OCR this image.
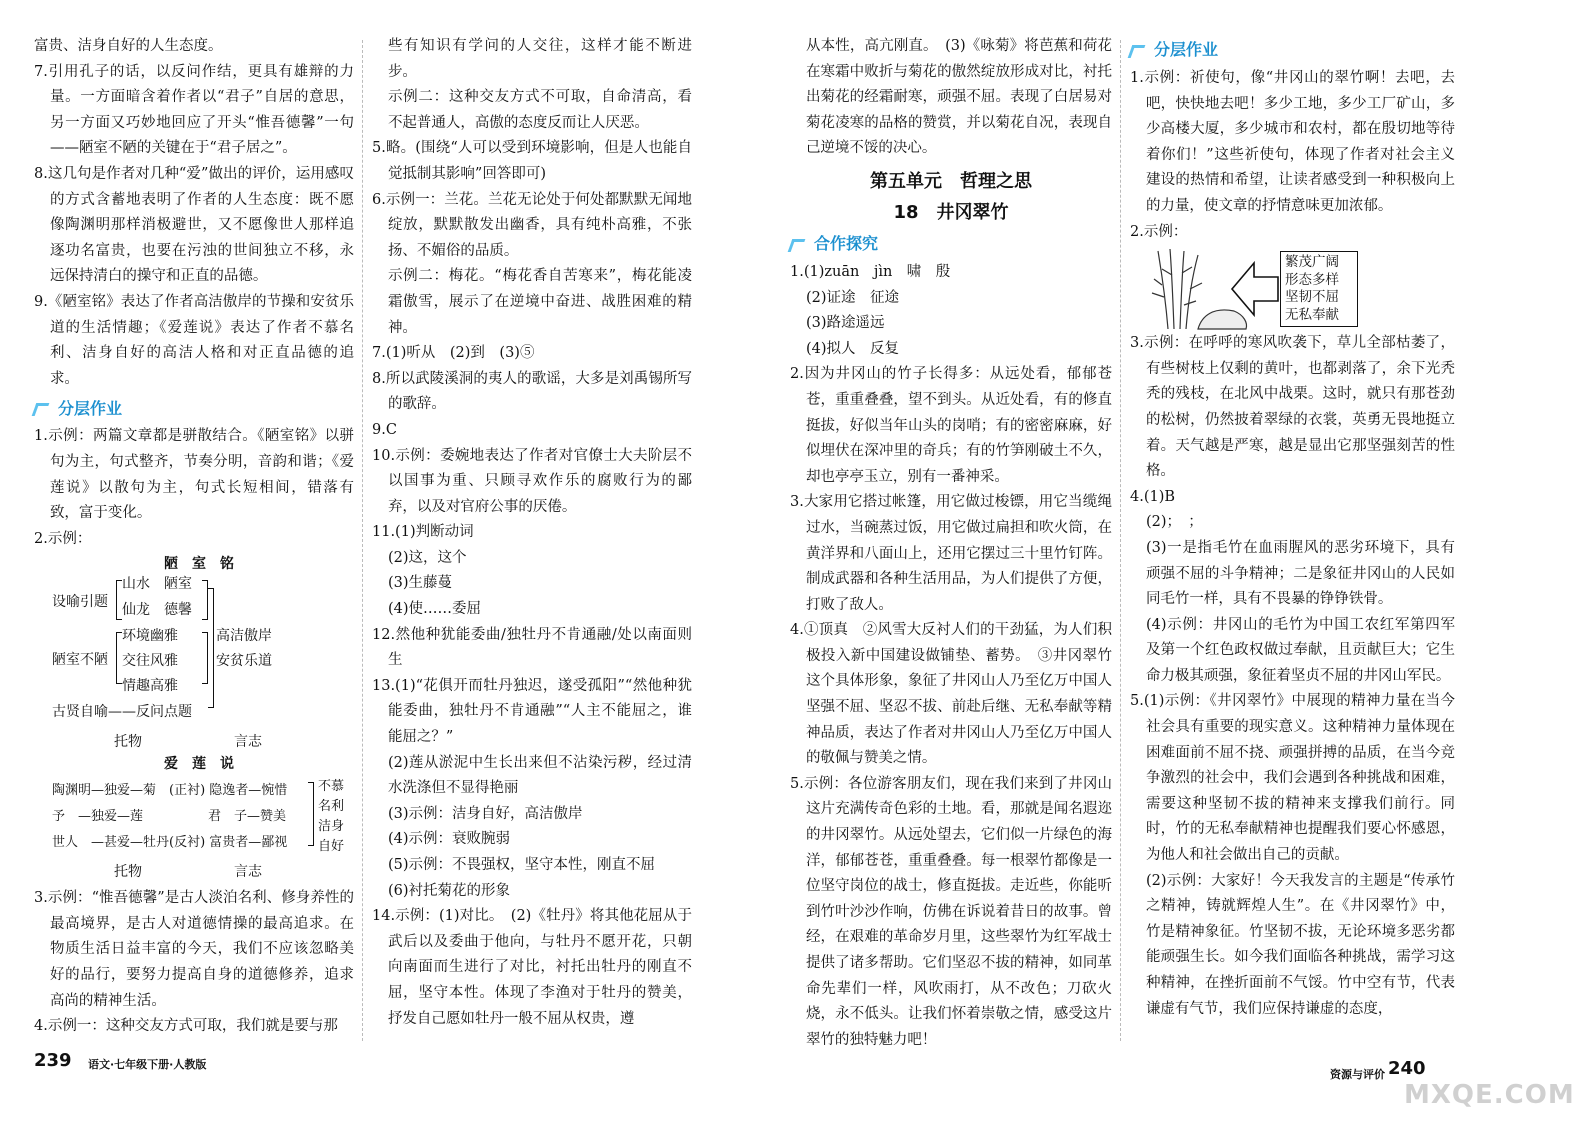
富贵、洁身自好的人生态度。

7.引用孔子的话，以反问作结，更具有雄辩的力量。一方面暗含着作者以“君子”自居的意思，另一方面又巧妙地回应了开头“惟吾德馨”一句——陋室不陋的关键在于“君子居之”。

8.这几句是作者对几种“爱”做出的评价，运用感叹的方式含蓄地表明了作者的人生态度：既不愿像陶渊明那样消极避世，又不愿像世人那样追逐功名富贵，也要在污浊的世间独立不移，永远保持清白的操守和正直的品德。

9.《陋室铭》表达了作者高洁傲岸的节操和安贫乐道的生活情趣；《爱莲说》表达了作者不慕名利、洁身自好的高洁人格和对正直品德的追求。

分层作业

1.示例：两篇文章都是骈散结合。《陋室铭》以骈句为主，句式整齐，节奏分明，音韵和谐；《爱莲说》以散句为主，句式长短相间，错落有致，富于变化。

2.示例：

陋　室　铭
设喻引题
山水　陋室
仙龙　德馨
陋室不陋
环境幽雅
交往风雅
情趣高雅
高洁傲岸
安贫乐道
古贤自喻——反问点题
托物	言志
爱　莲　说
陶渊明—独爱—菊　(正衬) 隐逸者—惋惜
予　—独爱—莲　　　　　君　子—赞美
世人　—甚爱—牡丹(反衬) 富贵者—鄙视
不慕
名利
洁身
自好
托物	言志

3.示例：“惟吾德馨”是古人淡泊名利、修身养性的最高境界，是古人对道德情操的最高追求。在物质生活日益丰富的今天，我们不应该忽略美好的品行，要努力提高自身的道德修养，追求高尚的精神生活。

4.示例一：这种交友方式可取，我们就是要与那

些有知识有学问的人交往，这样才能不断进步。

示例二：这种交友方式不可取，自命清高，看不起普通人，高傲的态度反而让人厌恶。

5.略。(围绕“人可以受到环境影响，但是人也能自觉抵制其影响”回答即可)

6.示例一：兰花。兰花无论处于何处都默默无闻地绽放，默默散发出幽香，具有纯朴高雅，不张扬、不媚俗的品质。

示例二：梅花。“梅花香自苦寒来”，梅花能凌霜傲雪，展示了在逆境中奋进、战胜困难的精神。

7.(1)听从　(2)到　(3)⑤

8.所以武陵溪洞的夷人的歌谣，大多是刘禹锡所写的歌辞。

9.C

10.示例：委婉地表达了作者对官僚士大夫阶层不以国事为重、只顾寻欢作乐的腐败行为的鄙弃，以及对官府公事的厌倦。

11.(1)判断动词

(2)这，这个

(3)生藤蔓

(4)使……委屈

12.然他种犹能委曲/独牡丹不肯通融/处以南面则生

13.(1)“花俱开而牡丹独迟，遂受孤阳”“然他种犹能委曲，独牡丹不肯通融”“人主不能屈之，谁能屈之？”

(2)莲从淤泥中生长出来但不沾染污秽，经过清水洗涤但不显得艳丽

(3)示例：洁身自好，高洁傲岸

(4)示例：衰败腕弱

(5)示例：不畏强权，坚守本性，刚直不屈

(6)衬托菊花的形象

14.示例：(1)对比。　(2)《牡丹》将其他花屈从于武后以及委曲于他向，与牡丹不愿开花，只朝向南面而生进行了对比，衬托出牡丹的刚直不屈，坚守本性。体现了李渔对于牡丹的赞美，抒发自己愿如牡丹一般不屈从权贵，遵

从本性，高亢刚直。　(3)《咏菊》将芭蕉和荷花在寒霜中败折与菊花的傲然绽放形成对比，衬托出菊花的经霜耐寒，顽强不屈。表现了白居易对菊花凌寒的品格的赞赏，并以菊花自况，表现自己逆境不馁的决心。

第五单元　哲理之思
18　井冈翠竹
合作探究

1.(1)zuān　jìn　啸　殷

(2)证途　征途

(3)路途遥远

(4)拟人　反复

2.因为井冈山的竹子长得多：从远处看，郁郁苍苍，重重叠叠，望不到头。从近处看，有的修直挺拔，好似当年山头的岗哨；有的密密麻麻，好似埋伏在深冲里的奇兵；有的竹笋刚破土不久，却也亭亭玉立，别有一番神采。

3.大家用它搭过帐篷，用它做过梭镖，用它当缆绳过水，当碗蒸过饭，用它做过扁担和吹火筒，在黄洋界和八面山上，还用它摆过三十里竹钉阵。制成武器和各种生活用品，为人们提供了方便，打败了敌人。

4.①顶真　②风雪大反衬人们的干劲猛，为人们积极投入新中国建设做铺垫、蓄势。　③井冈翠竹这个具体形象，象征了井冈山人乃至亿万中国人坚强不屈、坚忍不拔、前赴后继、无私奉献等精神品质，表达了作者对井冈山人乃至亿万中国人的敬佩与赞美之情。

5.示例：各位游客朋友们，现在我们来到了井冈山这片充满传奇色彩的土地。看，那就是闻名遐迩的井冈翠竹。从远处望去，它们似一片绿色的海洋，郁郁苍苍，重重叠叠。每一根翠竹都像是一位坚守岗位的战士，修直挺拔。走近些，你能听到竹叶沙沙作响，仿佛在诉说着昔日的故事。曾经，在艰难的革命岁月里，这些翠竹为红军战士提供了诸多帮助。它们坚忍不拔的精神，如同革命先辈们一样，风吹雨打，从不改色；刀砍火烧，永不低头。让我们怀着崇敬之情，感受这片翠竹的独特魅力吧！

分层作业

1.示例：祈使句，像“井冈山的翠竹啊！去吧，去吧，快快地去吧！多少工地，多少工厂矿山，多少高楼大厦，多少城市和农村，都在殷切地等待着你们！”这些祈使句，体现了作者对社会主义建设的热情和希望，让读者感受到一种积极向上的力量，使文章的抒情意味更加浓郁。

2.示例：

繁茂广阔
形态多样
坚韧不屈
无私奉献

3.示例：在呼呼的寒风吹袭下，草儿全部枯萎了，有些树枝上仅剩的黄叶，也都剥落了，余下光秃秃的残枝，在北风中战栗。这时，就只有那苍劲的松树，仍然披着翠绿的衣裳，英勇无畏地挺立着。天气越是严寒，越是显出它那坚强刻苦的性格。

4.(1)B

(2)；　；

(3)一是指毛竹在血雨腥风的恶劣环境下，具有顽强不屈的斗争精神；二是象征井冈山的人民如同毛竹一样，具有不畏暴的铮铮铁骨。

(4)示例：井冈山的毛竹为中国工农红军第四军及第一个红色政权做过奉献，且贡献巨大；它生命力极其顽强，象征着坚贞不屈的井冈山军民。

5.(1)示例：《井冈翠竹》中展现的精神力量在当今社会具有重要的现实意义。这种精神力量体现在困难面前不屈不挠、顽强拼搏的品质，在当今竞争激烈的社会中，我们会遇到各种挑战和困难，需要这种坚韧不拔的精神来支撑我们前行。同时，竹的无私奉献精神也提醒我们要心怀感恩，为他人和社会做出自己的贡献。

(2)示例：大家好！今天我发言的主题是“传承竹之精神，铸就辉煌人生”。在《井冈翠竹》中，竹是精神象征。竹坚韧不拔，无论环境多恶劣都能顽强生长。如今我们面临各种挑战，需学习这种精神，在挫折面前不气馁。竹中空有节，代表谦虚有气节，我们应保持谦虚的态度，

239 语文·七年级下册·人教版
资源与评价 240
MXQE.COM
